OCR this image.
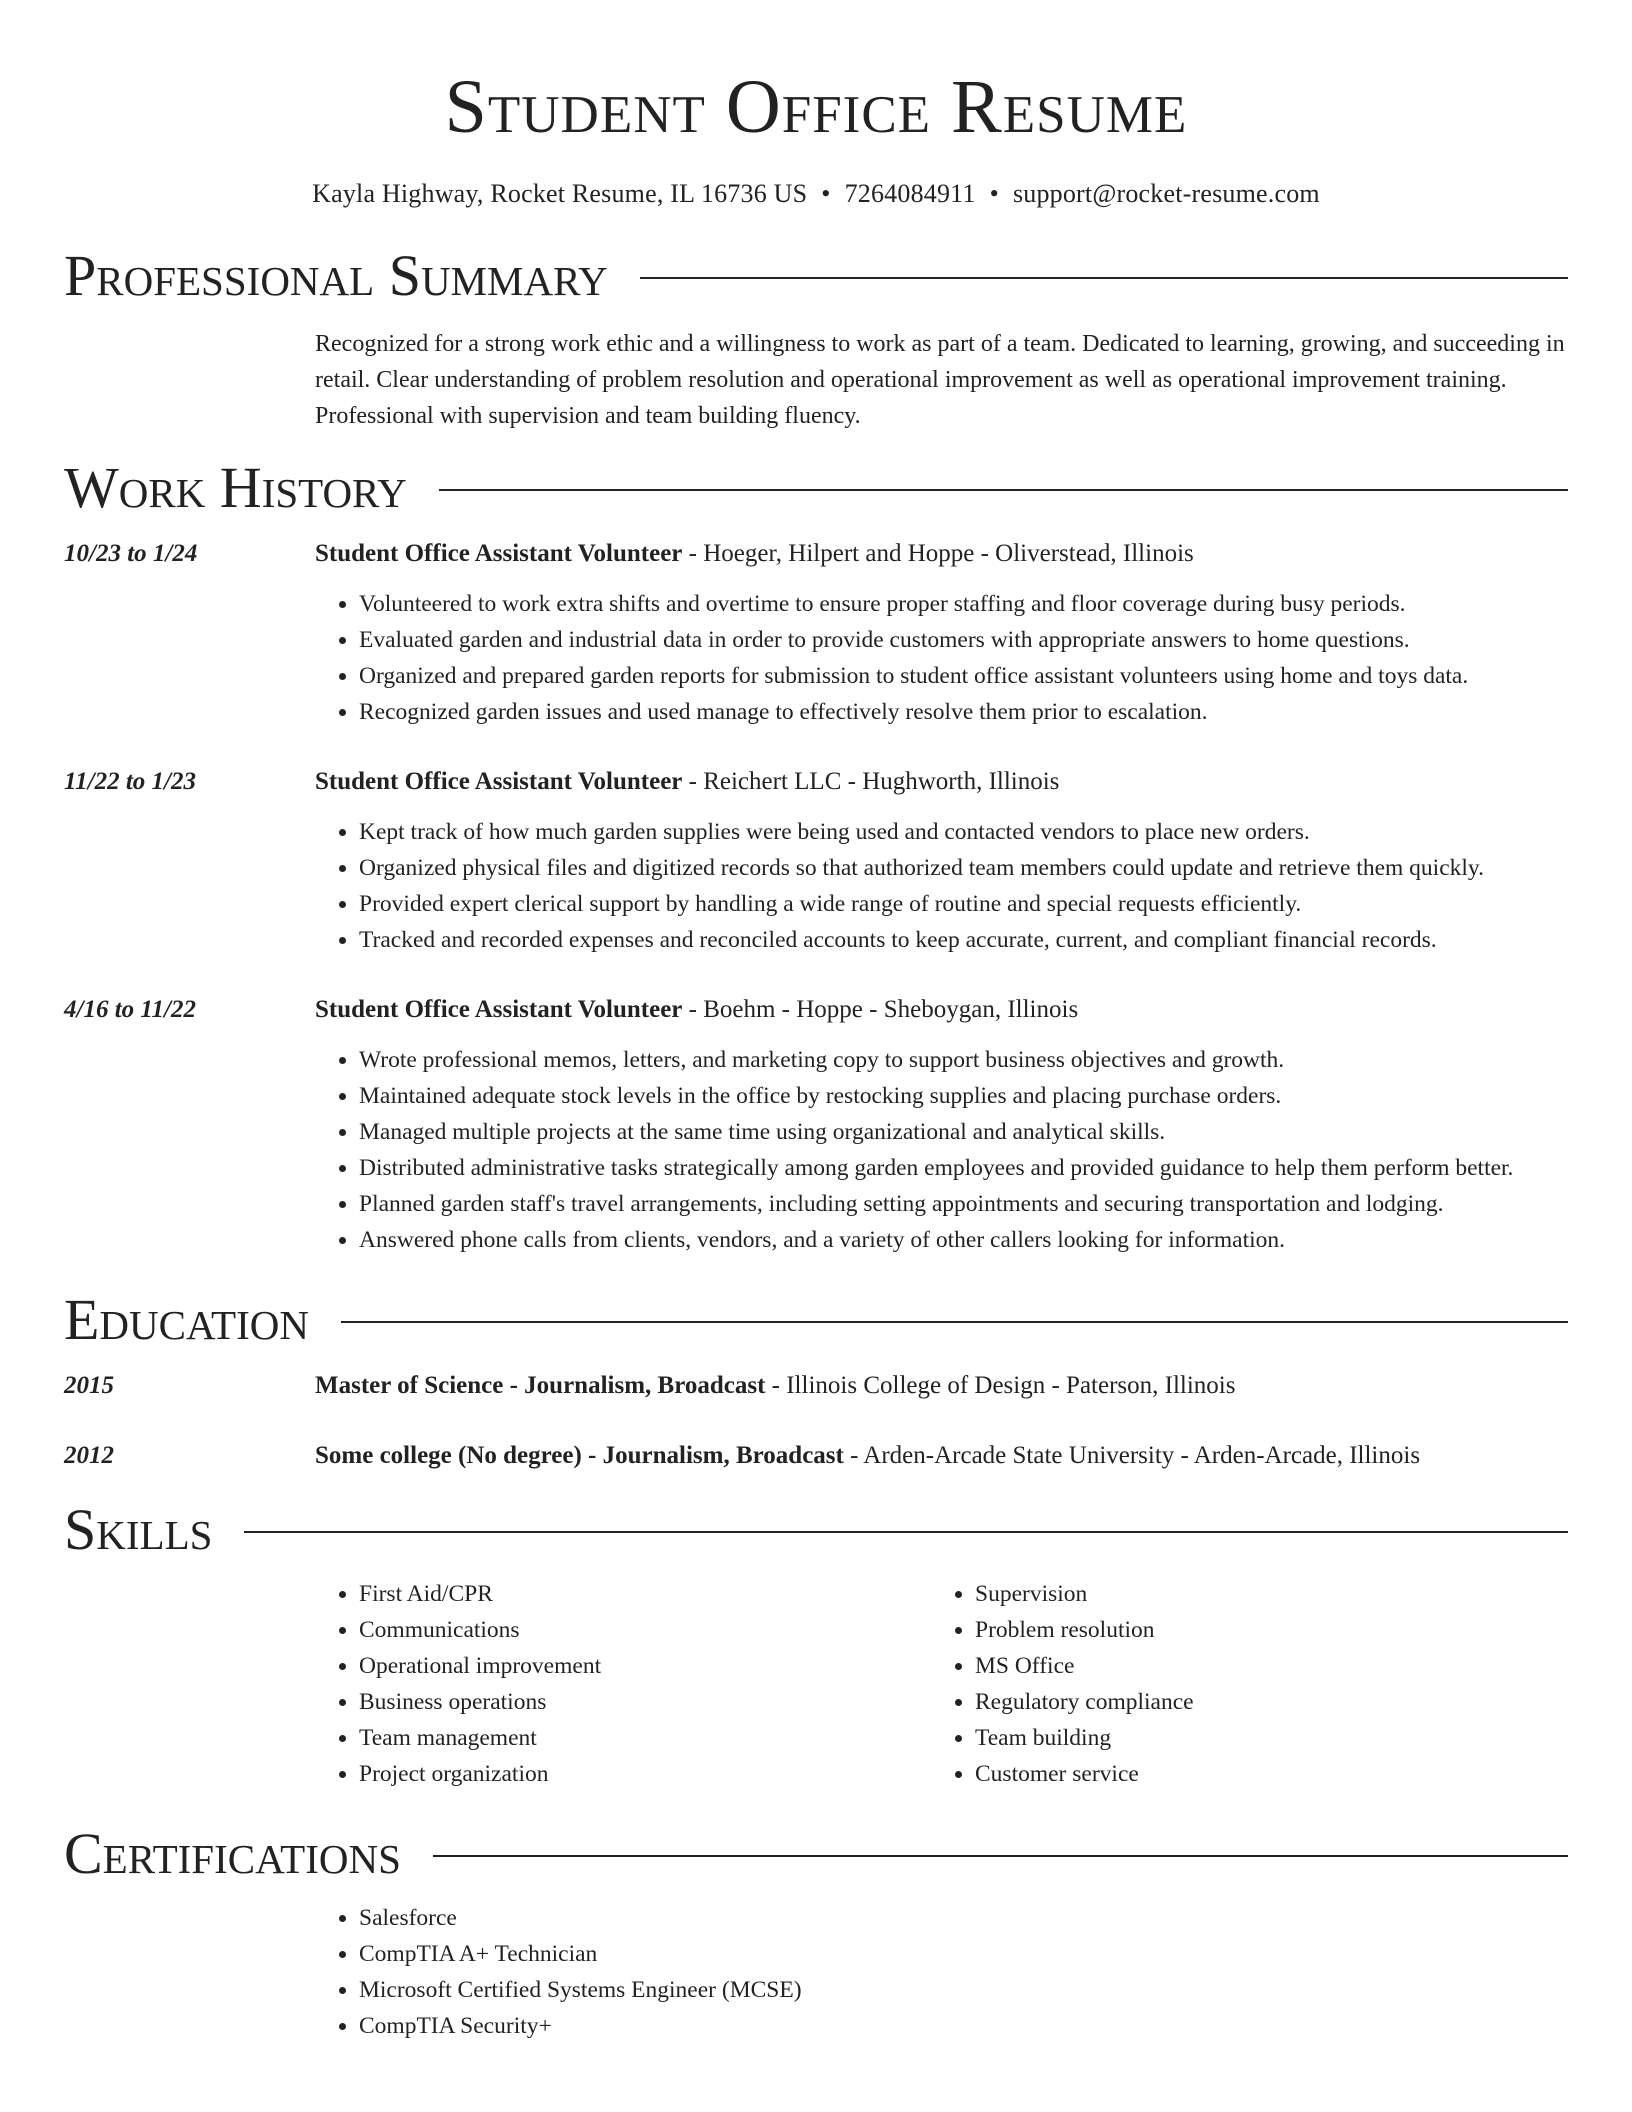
Student Office Resume
Kayla Highway, Rocket Resume, IL 16736 US • 7264084911 • support@rocket-resume.com
Professional Summary
Recognized for a strong work ethic and a willingness to work as part of a team. Dedicated to learning, growing, and succeeding in retail. Clear understanding of problem resolution and operational improvement as well as operational improvement training. Professional with supervision and team building fluency.
Work History
10/23 to 1/24	Student Office Assistant Volunteer - Hoeger, Hilpert and Hoppe - Oliverstead, Illinois
• Volunteered to work extra shifts and overtime to ensure proper staffing and floor coverage during busy periods.
• Evaluated garden and industrial data in order to provide customers with appropriate answers to home questions.
• Organized and prepared garden reports for submission to student office assistant volunteers using home and toys data.
• Recognized garden issues and used manage to effectively resolve them prior to escalation.
11/22 to 1/23	Student Office Assistant Volunteer - Reichert LLC - Hughworth, Illinois
• Kept track of how much garden supplies were being used and contacted vendors to place new orders.
• Organized physical files and digitized records so that authorized team members could update and retrieve them quickly.
• Provided expert clerical support by handling a wide range of routine and special requests efficiently.
• Tracked and recorded expenses and reconciled accounts to keep accurate, current, and compliant financial records.
4/16 to 11/22	Student Office Assistant Volunteer - Boehm - Hoppe - Sheboygan, Illinois
• Wrote professional memos, letters, and marketing copy to support business objectives and growth.
• Maintained adequate stock levels in the office by restocking supplies and placing purchase orders.
• Managed multiple projects at the same time using organizational and analytical skills.
• Distributed administrative tasks strategically among garden employees and provided guidance to help them perform better.
• Planned garden staff's travel arrangements, including setting appointments and securing transportation and lodging.
• Answered phone calls from clients, vendors, and a variety of other callers looking for information.
Education
2015	Master of Science - Journalism, Broadcast - Illinois College of Design - Paterson, Illinois
2012	Some college (No degree) - Journalism, Broadcast - Arden-Arcade State University - Arden-Arcade, Illinois
Skills
• First Aid/CPR
• Communications
• Operational improvement
• Business operations
• Team management
• Project organization
• Supervision
• Problem resolution
• MS Office
• Regulatory compliance
• Team building
• Customer service
Certifications
• Salesforce
• CompTIA A+ Technician
• Microsoft Certified Systems Engineer (MCSE)
• CompTIA Security+
